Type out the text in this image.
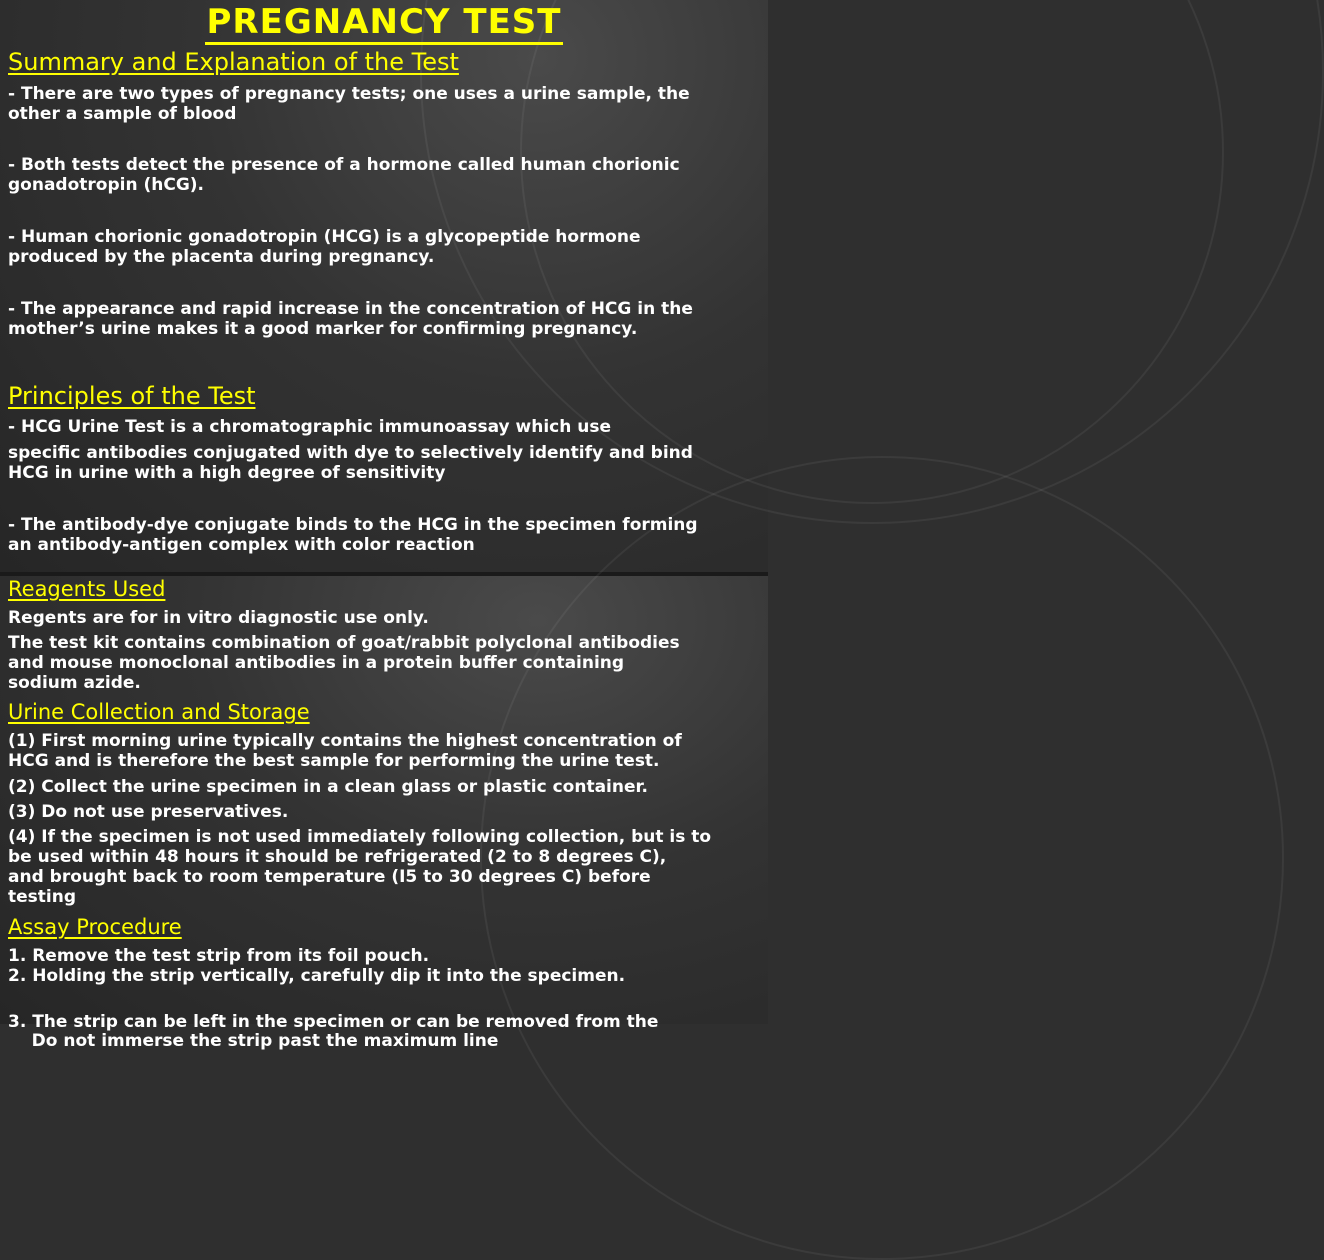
PREGNANCY TEST
Summary and Explanation of the Test
- There are two types of pregnancy tests; one uses a urine sample, the
other a sample of blood
- Both tests detect the presence of a hormone called human chorionic
gonadotropin (hCG).
- Human chorionic gonadotropin (HCG) is a glycopeptide hormone
produced by the placenta during pregnancy.
- The appearance and rapid increase in the concentration of HCG in the
mother’s urine makes it a good marker for confirming pregnancy.
Principles of the Test
- HCG Urine Test is a chromatographic immunoassay which use
specific antibodies conjugated with dye to selectively identify and bind
HCG in urine with a high degree of sensitivity
- The antibody-dye conjugate binds to the HCG in the specimen forming
an antibody-antigen complex with color reaction
Reagents Used
Regents are for in vitro diagnostic use only.
The test kit contains combination of goat/rabbit polyclonal antibodies
and mouse monoclonal antibodies in a protein buffer containing
sodium azide.
Urine Collection and Storage
(1) First morning urine typically contains the highest concentration of
HCG and is therefore the best sample for performing the urine test.
(2) Collect the urine specimen in a clean glass or plastic container.
(3) Do not use preservatives.
(4) If the specimen is not used immediately following collection, but is to
be used within 48 hours it should be refrigerated (2 to 8 degrees C),
and brought back to room temperature (I5 to 30 degrees C) before
testing
Assay Procedure
1. Remove the test strip from its foil pouch.
2. Holding the strip vertically, carefully dip it into the specimen.

Do not immerse the strip past the maximum line

3. The strip can be left in the specimen or can be removed from the
